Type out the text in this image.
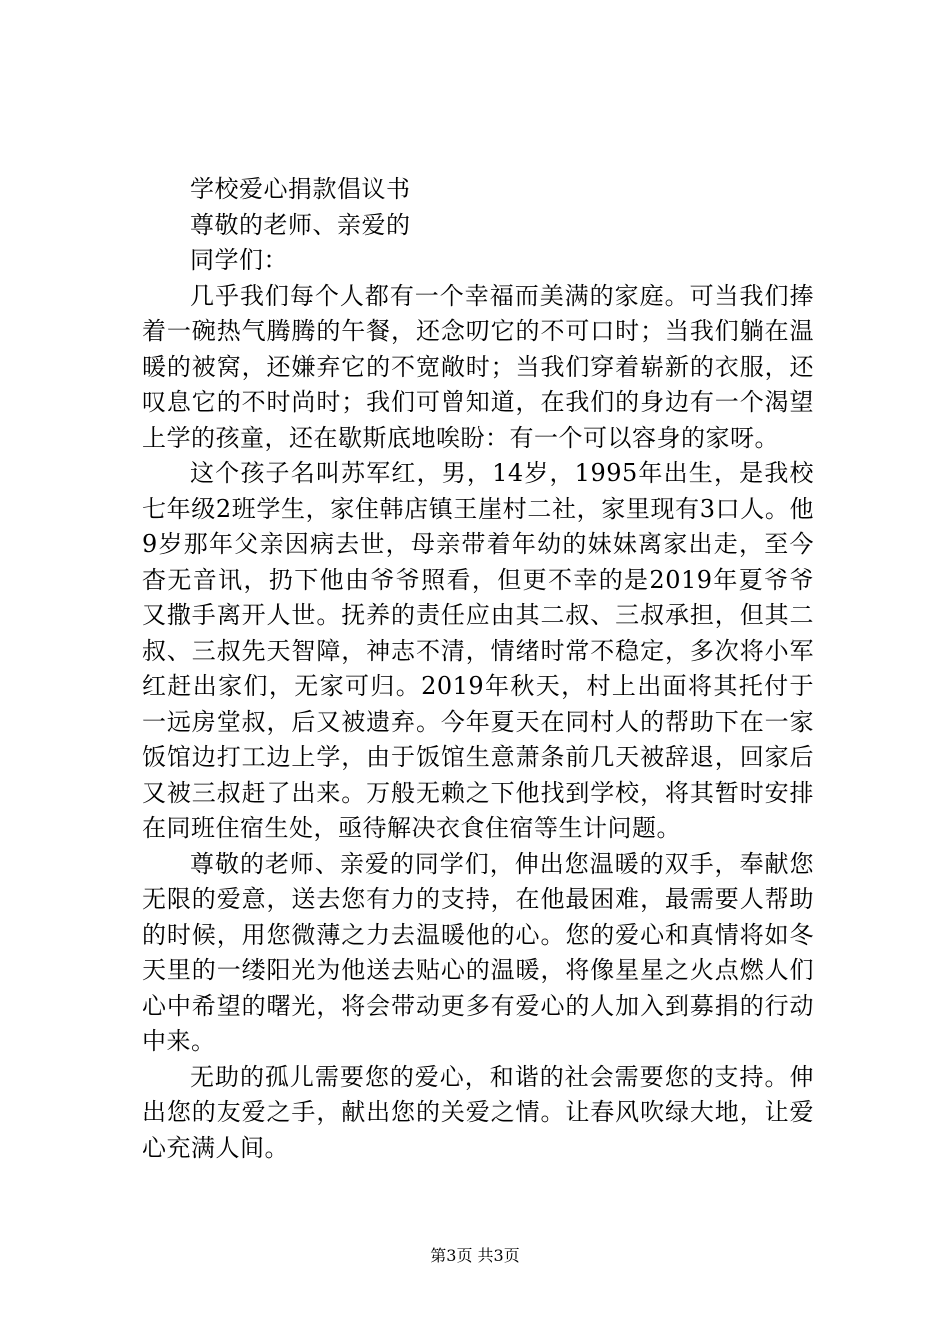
学校爱心捐款倡议书

尊敬的老师、亲爱的

同学们：

几乎我们每个人都有一个幸福而美满的家庭。可当我们捧着一碗热气腾腾的午餐，还念叨它的不可口时；当我们躺在温暖的被窝，还嫌弃它的不宽敞时；当我们穿着崭新的衣服，还叹息它的不时尚时；我们可曾知道，在我们的身边有一个渴望上学的孩童，还在歇斯底地唉盼：有一个可以容身的家呀。

这个孩子名叫苏军红，男，14岁，1995年出生，是我校七年级2班学生，家住韩店镇王崖村二社，家里现有3口人。他9岁那年父亲因病去世，母亲带着年幼的妹妹离家出走，至今杳无音讯，扔下他由爷爷照看，但更不幸的是2019年夏爷爷又撒手离开人世。抚养的责任应由其二叔、三叔承担，但其二叔、三叔先天智障，神志不清，情绪时常不稳定，多次将小军红赶出家们，无家可归。2019年秋天，村上出面将其托付于一远房堂叔，后又被遗弃。今年夏天在同村人的帮助下在一家饭馆边打工边上学，由于饭馆生意萧条前几天被辞退，回家后又被三叔赶了出来。万般无赖之下他找到学校，将其暂时安排在同班住宿生处，亟待解决衣食住宿等生计问题。

尊敬的老师、亲爱的同学们，伸出您温暖的双手，奉献您无限的爱意，送去您有力的支持，在他最困难，最需要人帮助的时候，用您微薄之力去温暖他的心。您的爱心和真情将如冬天里的一缕阳光为他送去贴心的温暖，将像星星之火点燃人们心中希望的曙光，将会带动更多有爱心的人加入到募捐的行动中来。

无助的孤儿需要您的爱心，和谐的社会需要您的支持。伸出您的友爱之手，献出您的关爱之情。让春风吹绿大地，让爱心充满人间。

第3页 共3页
